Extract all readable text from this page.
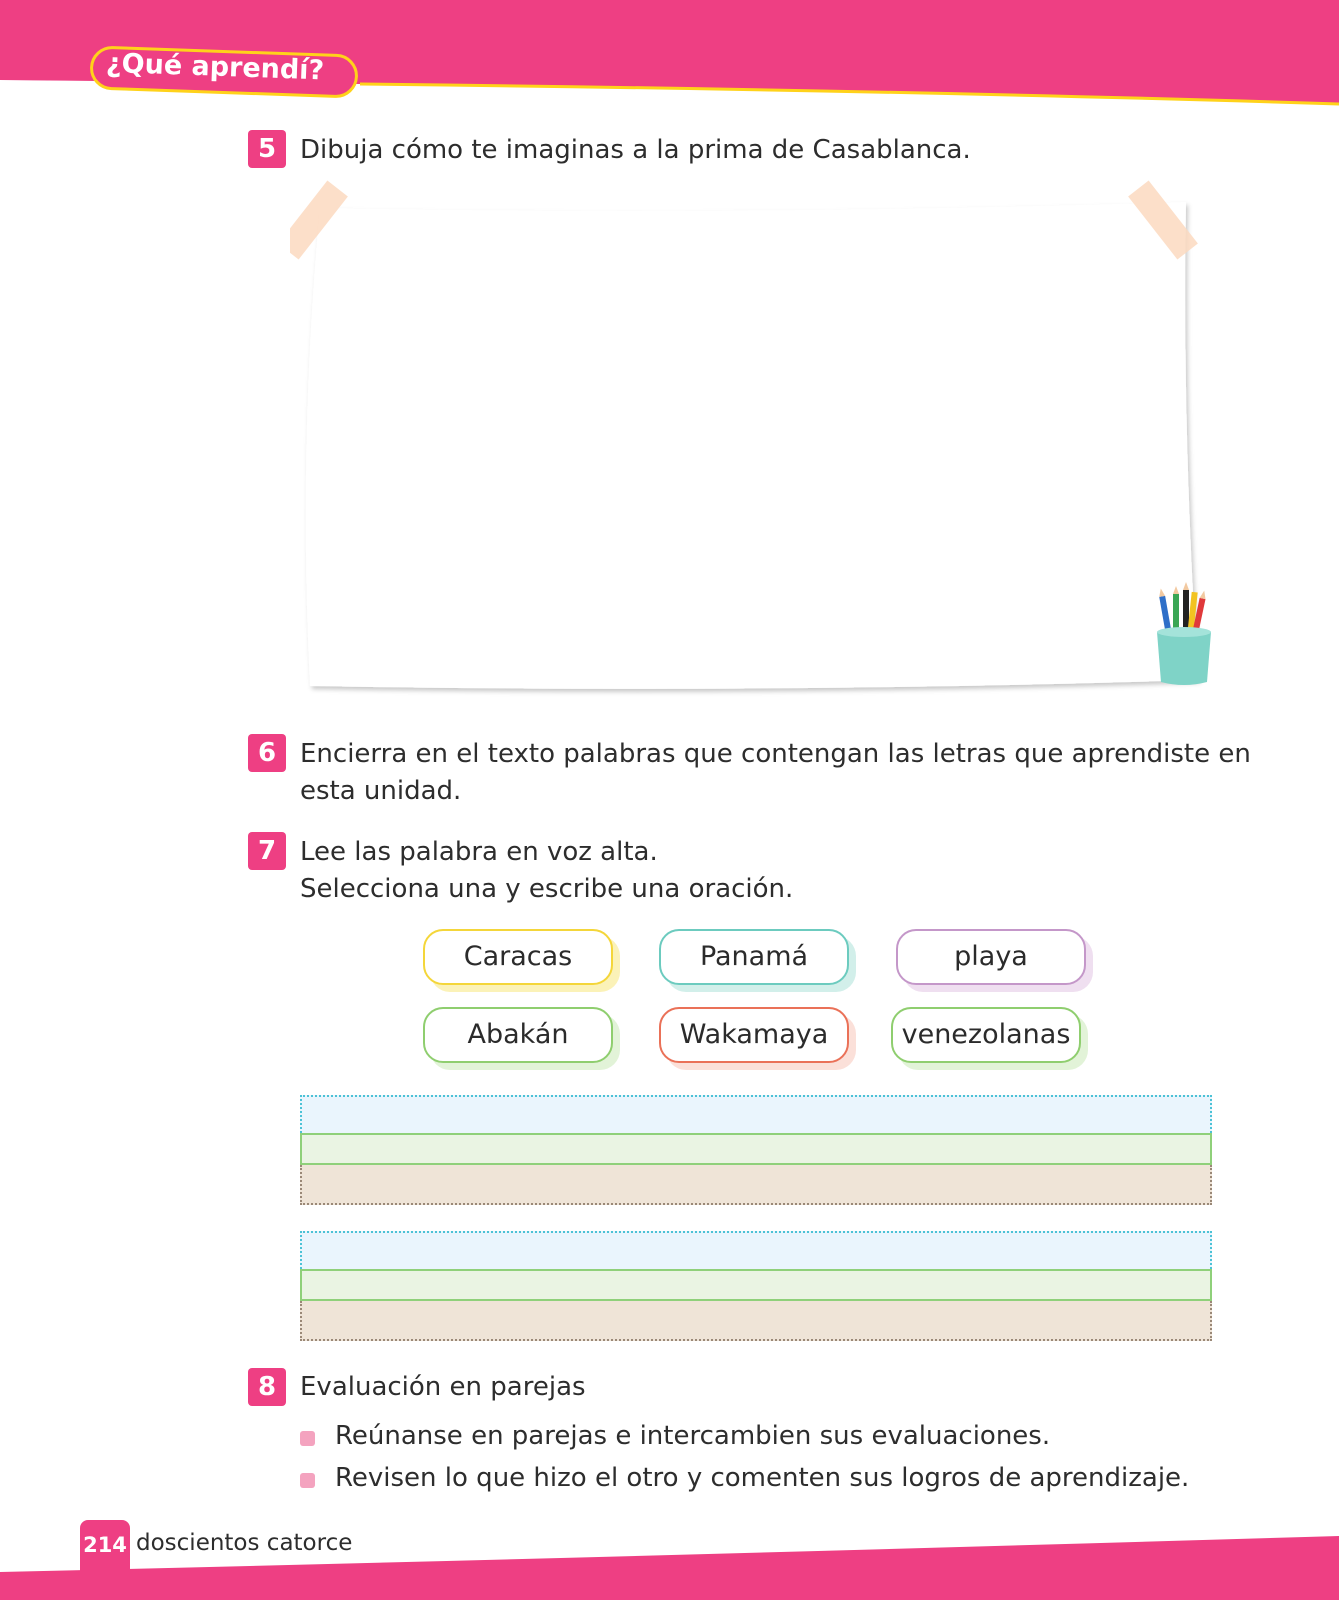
¿Qué aprendí?
5 Dibuja cómo te imaginas a la prima de Casablanca.
6 Encierra en el texto palabras que contengan las letras que aprendiste en
esta unidad.
7 Lee las palabra en voz alta.
Selecciona una y escribe una oración.
Caracas	Panamá	playa
Abakán	Wakamaya	venezolanas
8 Evaluación en parejas
Reúnanse en parejas e intercambien sus evaluaciones.
Revisen lo que hizo el otro y comenten sus logros de aprendizaje.
214 doscientos catorce
